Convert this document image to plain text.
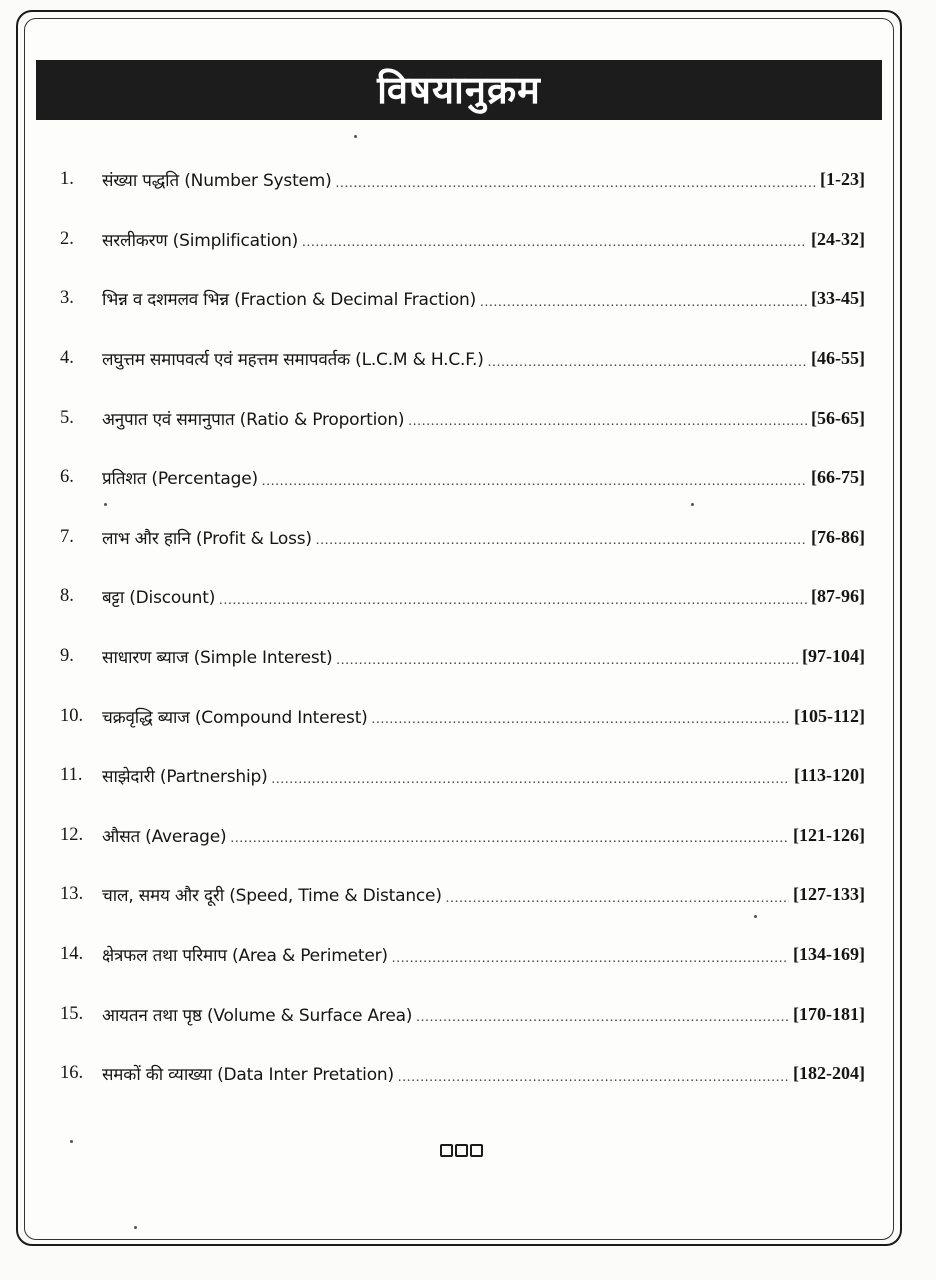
विषयानुक्रम
1.	संख्या पद्धति (Number System) .....	[1-23]
2.	सरलीकरण (Simplification) .....	[24-32]
3.	भिन्न व दशमलव भिन्न (Fraction & Decimal Fraction) .....	[33-45]
4.	लघुत्तम समापवर्त्य एवं महत्तम समापवर्तक (L.C.M & H.C.F.) .....	[46-55]
5.	अनुपात एवं समानुपात (Ratio & Proportion) .....	[56-65]
6.	प्रतिशत (Percentage) .....	[66-75]
7.	लाभ और हानि (Profit & Loss) .....	[76-86]
8.	बट्टा (Discount) .....	[87-96]
9.	साधारण ब्याज (Simple Interest) .....	[97-104]
10.	चक्रवृद्धि ब्याज (Compound Interest) .....	[105-112]
11.	साझेदारी (Partnership) .....	[113-120]
12.	औसत (Average) .....	[121-126]
13.	चाल, समय और दूरी (Speed, Time & Distance) .....	[127-133]
14.	क्षेत्रफल तथा परिमाप (Area & Perimeter) .....	[134-169]
15.	आयतन तथा पृष्ठ (Volume & Surface Area) .....	[170-181]
16.	समकों की व्याख्या (Data Inter Pretation) .....	[182-204]
